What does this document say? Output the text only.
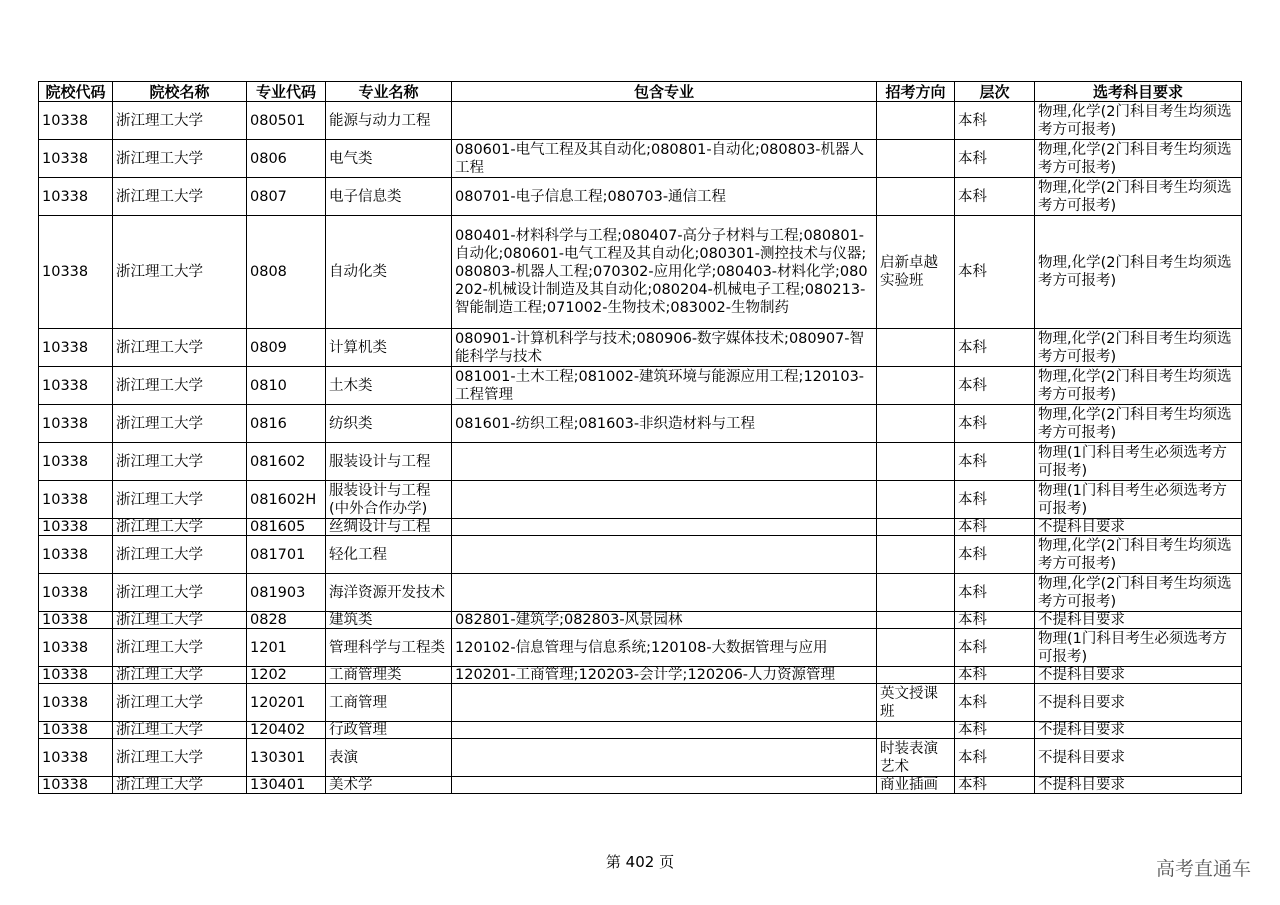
院校代码	院校名称	专业代码	专业名称	包含专业	招考方向	层次	选考科目要求
10338	浙江理工大学	080501	能源与动力工程			本科	物理,化学(2门科目考生均须选考方可报考)
10338	浙江理工大学	0806	电气类	080601-电气工程及其自动化;080801-自动化;080803-机器人工程		本科	物理,化学(2门科目考生均须选考方可报考)
10338	浙江理工大学	0807	电子信息类	080701-电子信息工程;080703-通信工程		本科	物理,化学(2门科目考生均须选考方可报考)
10338	浙江理工大学	0808	自动化类	080401-材料科学与工程;080407-高分子材料与工程;080801-自动化;080601-电气工程及其自动化;080301-测控技术与仪器;080803-机器人工程;070302-应用化学;080403-材料化学;080202-机械设计制造及其自动化;080204-机械电子工程;080213-智能制造工程;071002-生物技术;083002-生物制药	启新卓越实验班	本科	物理,化学(2门科目考生均须选考方可报考)
10338	浙江理工大学	0809	计算机类	080901-计算机科学与技术;080906-数字媒体技术;080907-智能科学与技术		本科	物理,化学(2门科目考生均须选考方可报考)
10338	浙江理工大学	0810	土木类	081001-土木工程;081002-建筑环境与能源应用工程;120103-工程管理		本科	物理,化学(2门科目考生均须选考方可报考)
10338	浙江理工大学	0816	纺织类	081601-纺织工程;081603-非织造材料与工程		本科	物理,化学(2门科目考生均须选考方可报考)
10338	浙江理工大学	081602	服装设计与工程			本科	物理(1门科目考生必须选考方可报考)
10338	浙江理工大学	081602H	服装设计与工程(中外合作办学)			本科	物理(1门科目考生必须选考方可报考)
10338	浙江理工大学	081605	丝绸设计与工程			本科	不提科目要求
10338	浙江理工大学	081701	轻化工程			本科	物理,化学(2门科目考生均须选考方可报考)
10338	浙江理工大学	081903	海洋资源开发技术			本科	物理,化学(2门科目考生均须选考方可报考)
10338	浙江理工大学	0828	建筑类	082801-建筑学;082803-风景园林		本科	不提科目要求
10338	浙江理工大学	1201	管理科学与工程类	120102-信息管理与信息系统;120108-大数据管理与应用		本科	物理(1门科目考生必须选考方可报考)
10338	浙江理工大学	1202	工商管理类	120201-工商管理;120203-会计学;120206-人力资源管理		本科	不提科目要求
10338	浙江理工大学	120201	工商管理		英文授课班	本科	不提科目要求
10338	浙江理工大学	120402	行政管理			本科	不提科目要求
10338	浙江理工大学	130301	表演		时装表演艺术	本科	不提科目要求
10338	浙江理工大学	130401	美术学		商业插画	本科	不提科目要求
第 402 页	高考直通车
